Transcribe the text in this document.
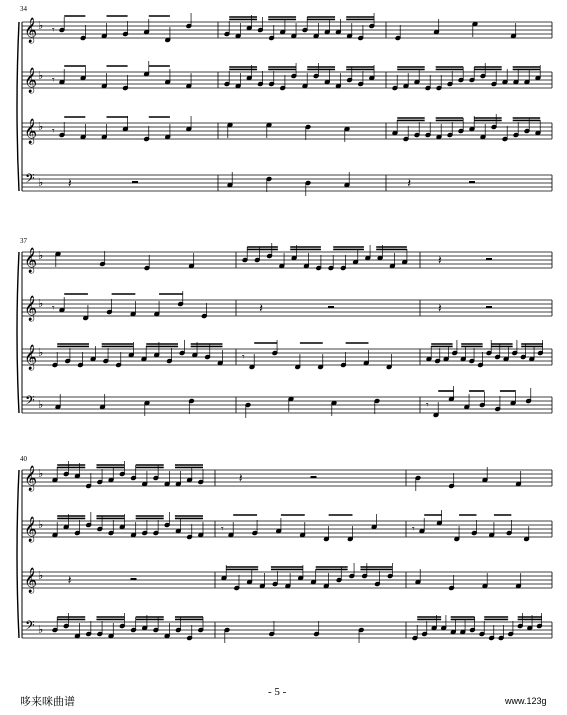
𝄞 ♭ 𝄾
𝄞 ♭ 𝄾
𝄞 ♭ 𝄾
𝄢 ♭ 𝄽	𝄽
𝄞 ♭	𝄽
𝄞 ♭ 𝄾	𝄽	𝄽
𝄞 ♭	𝄾
𝄢 ♭	𝄾
𝄞 ♭	𝄽
𝄞 ♭	𝄾	𝄾
𝄞 ♭ 𝄽
𝄢 ♭
34
37
40
- 5 -
哆来咪曲谱	www.123g
